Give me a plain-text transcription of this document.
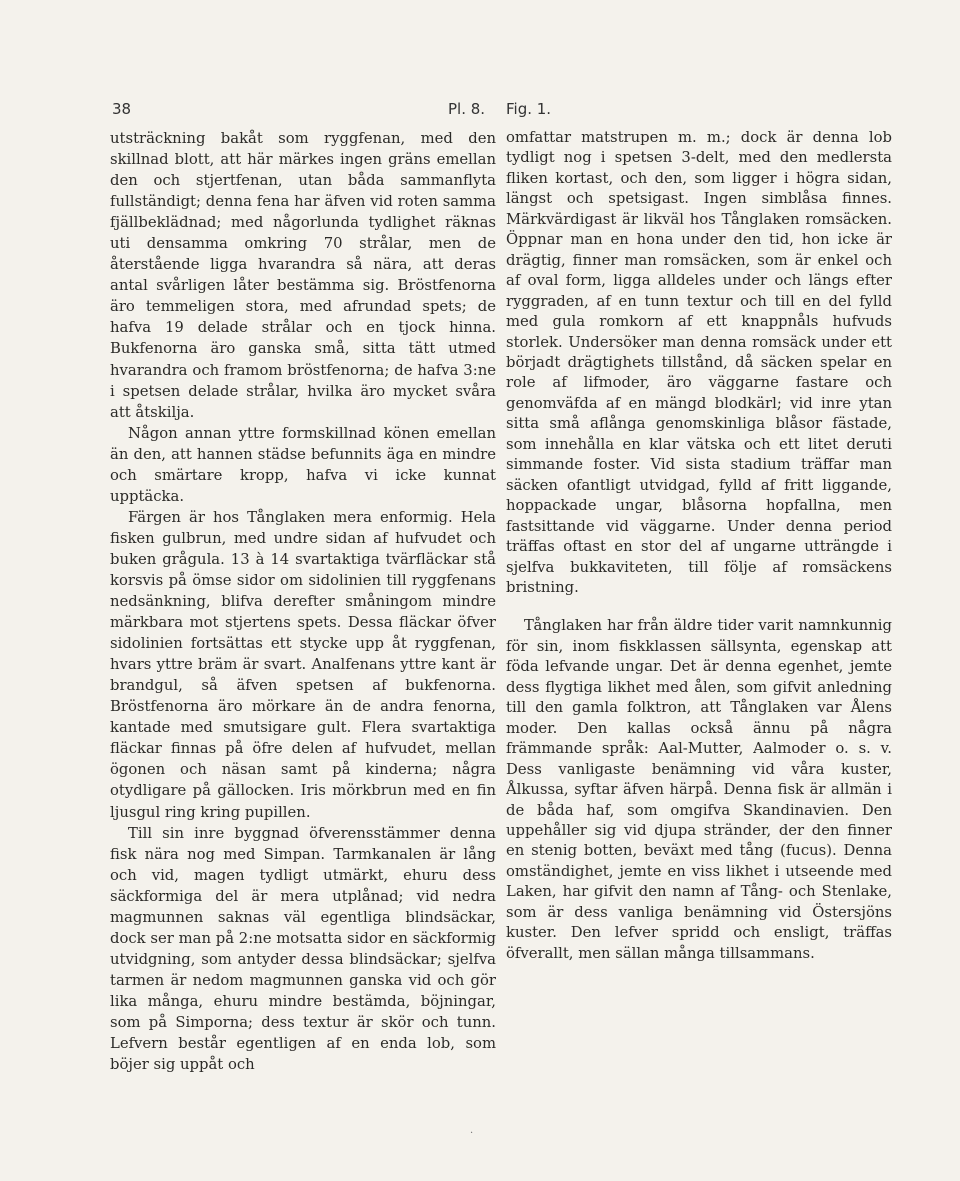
38	Pl. 8. Fig. 1.

utsträckning bakåt som ryggfenan, med den skillnad blott, att här märkes ingen gräns emellan den och stjertfenan, utan båda sammanflyta fullständigt; denna fena har äfven vid roten samma fjällbeklädnad; med någorlunda tydlighet räknas uti densamma omkring 70 strålar, men de återstående ligga hvarandra så nära, att deras antal svårligen låter bestämma sig. Bröstfenorna äro temmeligen stora, med afrundad spets; de hafva 19 delade strålar och en tjock hinna. Bukfenorna äro ganska små, sitta tätt utmed hvarandra och framom bröstfenorna; de hafva 3:ne i spetsen delade strålar, hvilka äro mycket svåra att åtskilja.

Någon annan yttre formskillnad könen emellan än den, att hannen städse befunnits äga en mindre och smärtare kropp, hafva vi icke kunnat upptäcka.

Färgen är hos Tånglaken mera enformig. Hela fisken gulbrun, med undre sidan af hufvudet och buken grågula. 13 à 14 svartaktiga tvärfläckar stå korsvis på ömse sidor om sidolinien till ryggfenans nedsänkning, blifva derefter småningom mindre märkbara mot stjertens spets. Dessa fläckar öfver sidolinien fortsättas ett stycke upp åt ryggfenan, hvars yttre bräm är svart. Analfenans yttre kant är brandgul, så äfven spetsen af bukfenorna. Bröstfenorna äro mörkare än de andra fenorna, kantade med smutsigare gult. Flera svartaktiga fläckar finnas på öfre delen af hufvudet, mellan ögonen och näsan samt på kinderna; några otydligare på gällocken. Iris mörkbrun med en fin ljusgul ring kring pupillen.

Till sin inre byggnad öfverensstämmer denna fisk nära nog med Simpan. Tarmkanalen är lång och vid, magen tydligt utmärkt, ehuru dess säckformiga del är mera utplånad; vid nedra magmunnen saknas väl egentliga blindsäckar, dock ser man på 2:ne motsatta sidor en säckformig utvidgning, som antyder dessa blindsäckar; sjelfva tarmen är nedom magmunnen ganska vid och gör lika många, ehuru mindre bestämda, böjningar, som på Simporna; dess textur är skör och tunn. Lefvern består egentligen af en enda lob, som böjer sig uppåt och

omfattar matstrupen m. m.; dock är denna lob tydligt nog i spetsen 3-delt, med den medlersta fliken kortast, och den, som ligger i högra sidan, längst och spetsigast. Ingen simblåsa finnes. Märkvärdigast är likväl hos Tånglaken romsäcken. Öppnar man en hona under den tid, hon icke är drägtig, finner man romsäcken, som är enkel och af oval form, ligga alldeles under och längs efter ryggraden, af en tunn textur och till en del fylld med gula romkorn af ett knappnåls hufvuds storlek. Undersöker man denna romsäck under ett börjadt drägtighets tillstånd, då säcken spelar en role af lifmoder, äro väggarne fastare och genomväfda af en mängd blodkärl; vid inre ytan sitta små aflånga genomskinliga blåsor fästade, som innehålla en klar vätska och ett litet deruti simmande foster. Vid sista stadium träffar man säcken ofantligt utvidgad, fylld af fritt liggande, hoppackade ungar, blåsorna hopfallna, men fastsittande vid väggarne. Under denna period träffas oftast en stor del af ungarne utträngde i sjelfva bukkaviteten, till följe af romsäckens bristning.

Tånglaken har från äldre tider varit namnkunnig för sin, inom fiskklassen sällsynta, egenskap att föda lefvande ungar. Det är denna egenhet, jemte dess flygtiga likhet med ålen, som gifvit anledning till den gamla folktron, att Tånglaken var Ålens moder. Den kallas också ännu på några främmande språk: Aal-Mutter, Aalmoder o. s. v. Dess vanligaste benämning vid våra kuster, Ålkussa, syftar äfven härpå. Denna fisk är allmän i de båda haf, som omgifva Skandinavien. Den uppehåller sig vid djupa stränder, der den finner en stenig botten, beväxt med tång (fucus). Denna omständighet, jemte en viss likhet i utseende med Laken, har gifvit den namn af Tång- och Stenlake, som är dess vanliga benämning vid Östersjöns kuster. Den lefver spridd och ensligt, träffas öfverallt, men sällan många tillsammans.

·
